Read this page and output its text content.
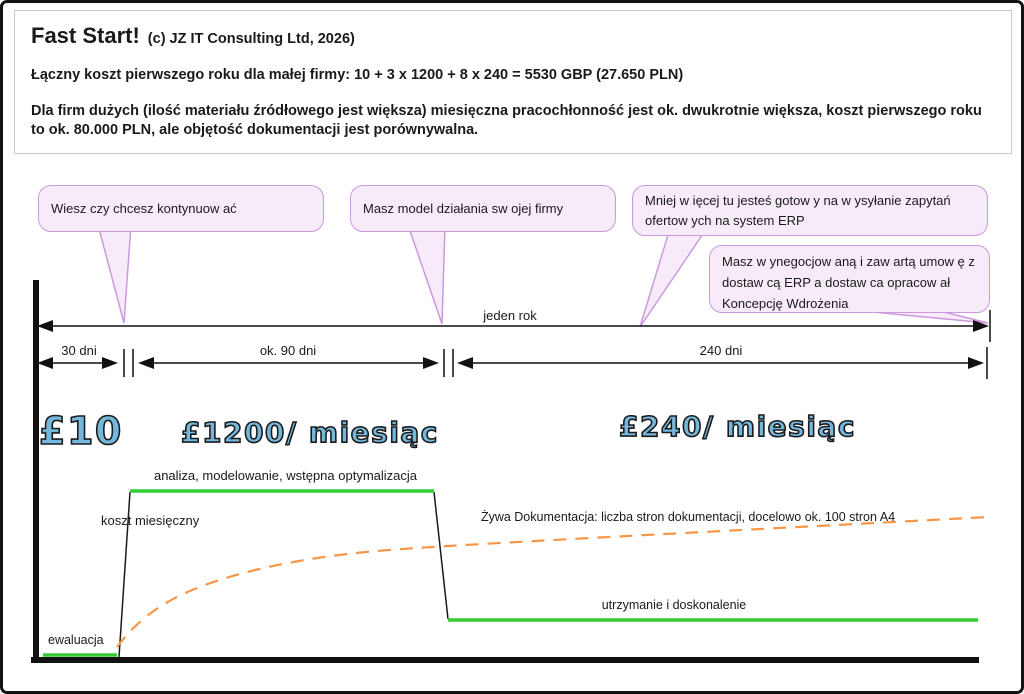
Fast Start! (c) JZ IT Consulting Ltd, 2026)

Łączny koszt pierwszego roku dla małej firmy: 10 + 3 x 1200 + 8 x 240 = 5530 GBP (27.650 PLN)

Dla firm dużych (ilość materiału źródłowego jest większa) miesięczna pracochłonność jest ok. dwukrotnie większa, koszt pierwszego roku to ok. 80.000 PLN, ale objętość dokumentacji jest porównywalna.

Wiesz czy chcesz kontynuow ać	Masz model działania sw ojej firmy	Mniej w ięcej tu jesteś gotow y na w ysyłanie zapytań ofertow ych na system ERP
Masz w ynegocjow aną i zaw artą umow ę z dostaw cą ERP a dostaw ca opracow ał Koncepcję Wdrożenia
jeden rok
30 dni	ok. 90 dni	240 dni
£10 £1200/ miesiąc	£240/ miesiąc
analiza, modelowanie, wstępna optymalizacja
koszt miesięczny	Żywa Dokumentacja: liczba stron dokumentacji, docelowo ok. 100 stron A4
utrzymanie i doskonalenie
ewaluacja
